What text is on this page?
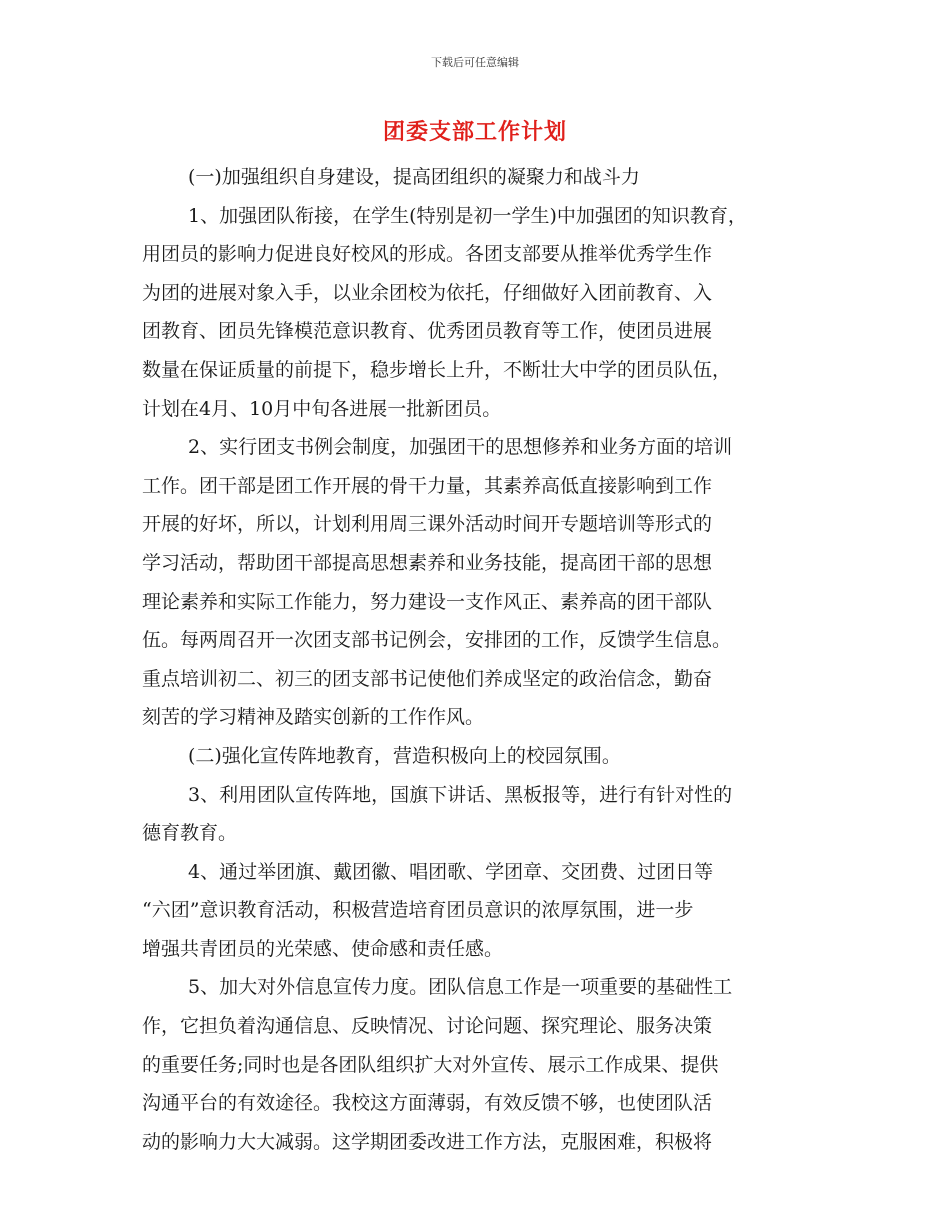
下载后可任意编辑
团委支部工作计划
(一)加强组织自身建设，提高团组织的凝聚力和战斗力
1、加强团队衔接，在学生(特别是初一学生)中加强团的知识教育，
用团员的影响力促进良好校风的形成。各团支部要从推举优秀学生作
为团的进展对象入手，以业余团校为依托，仔细做好入团前教育、入
团教育、团员先锋模范意识教育、优秀团员教育等工作，使团员进展
数量在保证质量的前提下，稳步增长上升，不断壮大中学的团员队伍，
计划在4月、10月中旬各进展一批新团员。
2、实行团支书例会制度，加强团干的思想修养和业务方面的培训
工作。团干部是团工作开展的骨干力量，其素养高低直接影响到工作
开展的好坏，所以，计划利用周三课外活动时间开专题培训等形式的
学习活动，帮助团干部提高思想素养和业务技能，提高团干部的思想
理论素养和实际工作能力，努力建设一支作风正、素养高的团干部队
伍。每两周召开一次团支部书记例会，安排团的工作，反馈学生信息。
重点培训初二、初三的团支部书记使他们养成坚定的政治信念，勤奋
刻苦的学习精神及踏实创新的工作作风。
(二)强化宣传阵地教育，营造积极向上的校园氛围。
3、利用团队宣传阵地，国旗下讲话、黑板报等，进行有针对性的
德育教育。
4、通过举团旗、戴团徽、唱团歌、学团章、交团费、过团日等
“六团”意识教育活动，积极营造培育团员意识的浓厚氛围，进一步
增强共青团员的光荣感、使命感和责任感。
5、加大对外信息宣传力度。团队信息工作是一项重要的基础性工
作，它担负着沟通信息、反映情况、讨论问题、探究理论、服务决策
的重要任务;同时也是各团队组织扩大对外宣传、展示工作成果、提供
沟通平台的有效途径。我校这方面薄弱，有效反馈不够，也使团队活
动的影响力大大减弱。这学期团委改进工作方法，克服困难，积极将
